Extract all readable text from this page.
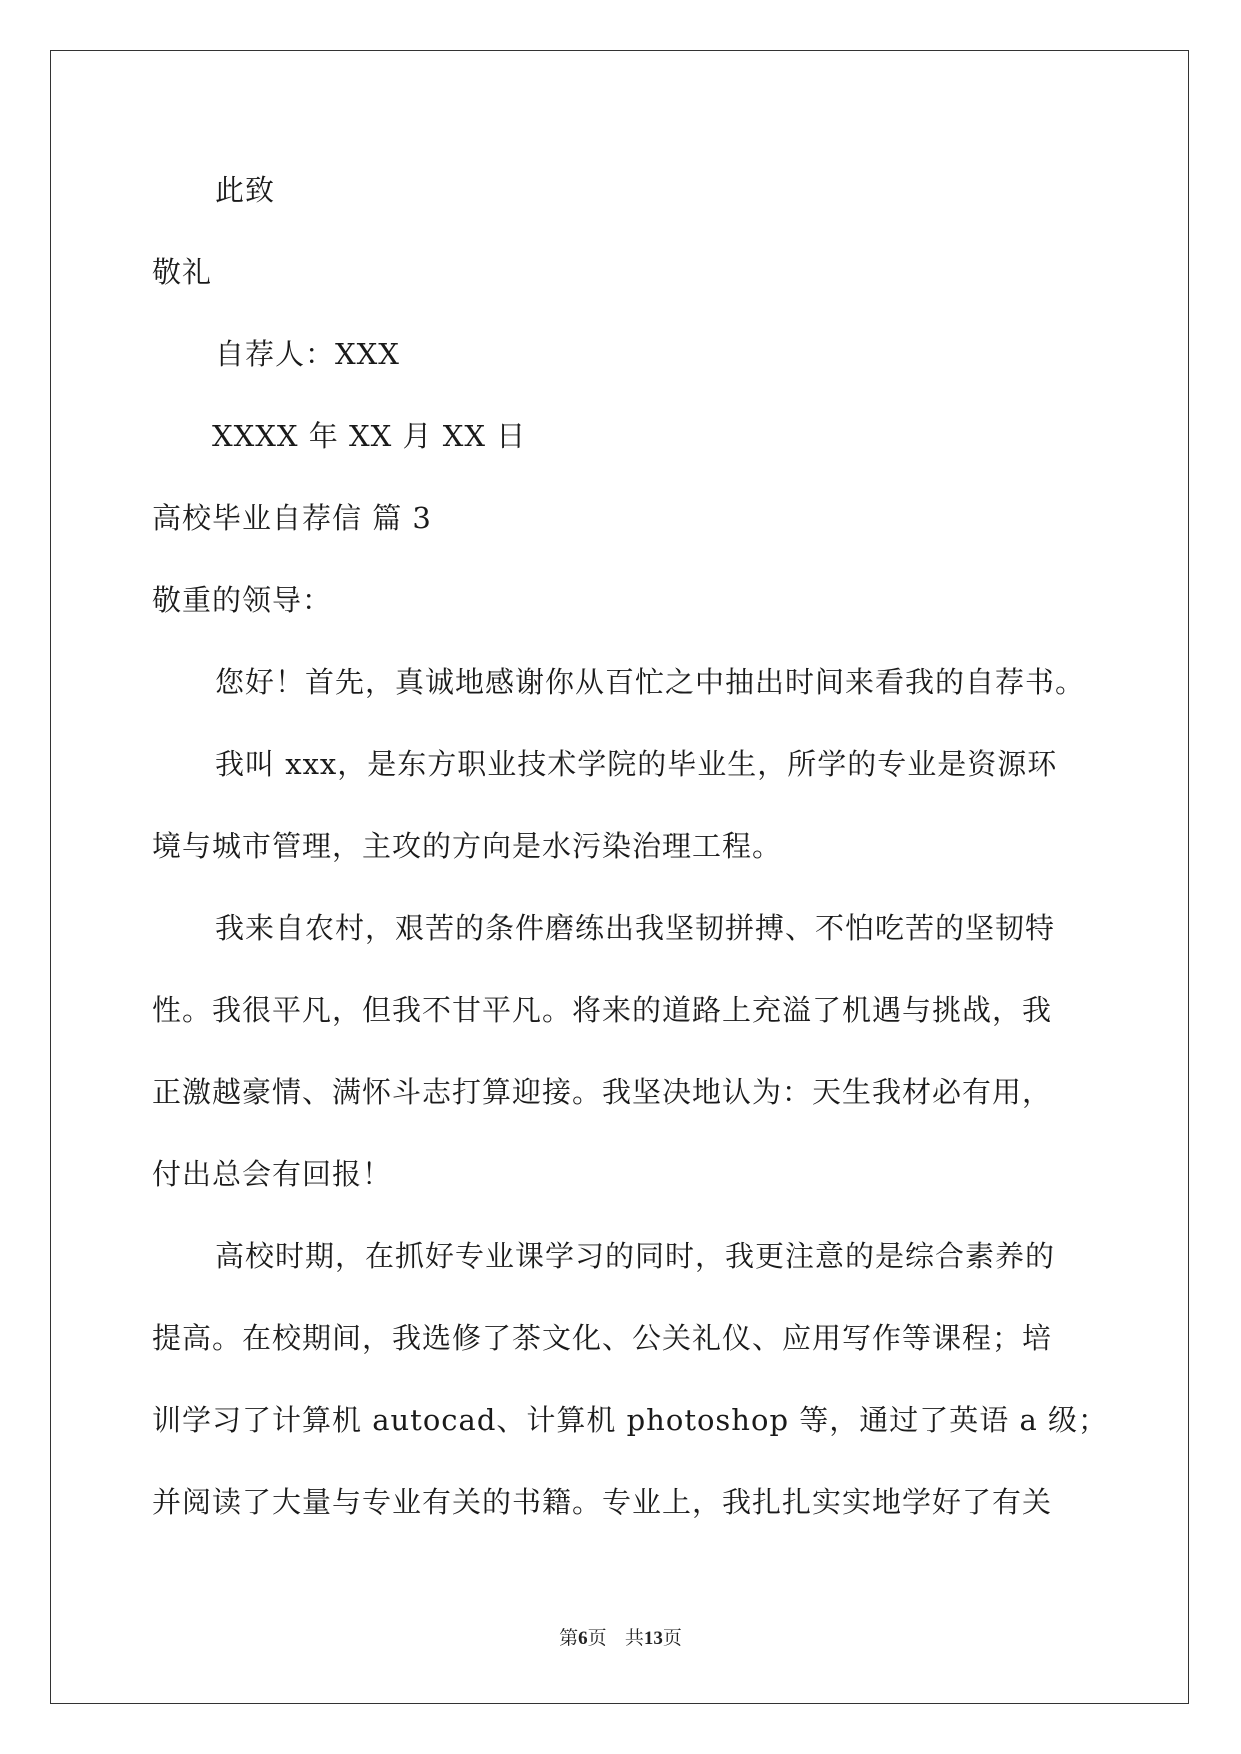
此致
敬礼
自荐人：XXX
XXXX 年 XX 月 XX 日
高校毕业自荐信 篇 3
敬重的领导：
您好！首先，真诚地感谢你从百忙之中抽出时间来看我的自荐书。
我叫 xxx，是东方职业技术学院的毕业生，所学的专业是资源环
境与城市管理，主攻的方向是水污染治理工程。
我来自农村，艰苦的条件磨练出我坚韧拼搏、不怕吃苦的坚韧特
性。我很平凡，但我不甘平凡。将来的道路上充溢了机遇与挑战，我
正激越豪情、满怀斗志打算迎接。我坚决地认为：天生我材必有用，
付出总会有回报！
高校时期，在抓好专业课学习的同时，我更注意的是综合素养的
提高。在校期间，我选修了茶文化、公关礼仪、应用写作等课程；培
训学习了计算机 autocad、计算机 photoshop 等，通过了英语 a 级；
并阅读了大量与专业有关的书籍。专业上，我扎扎实实地学好了有关
第6页 共13页
